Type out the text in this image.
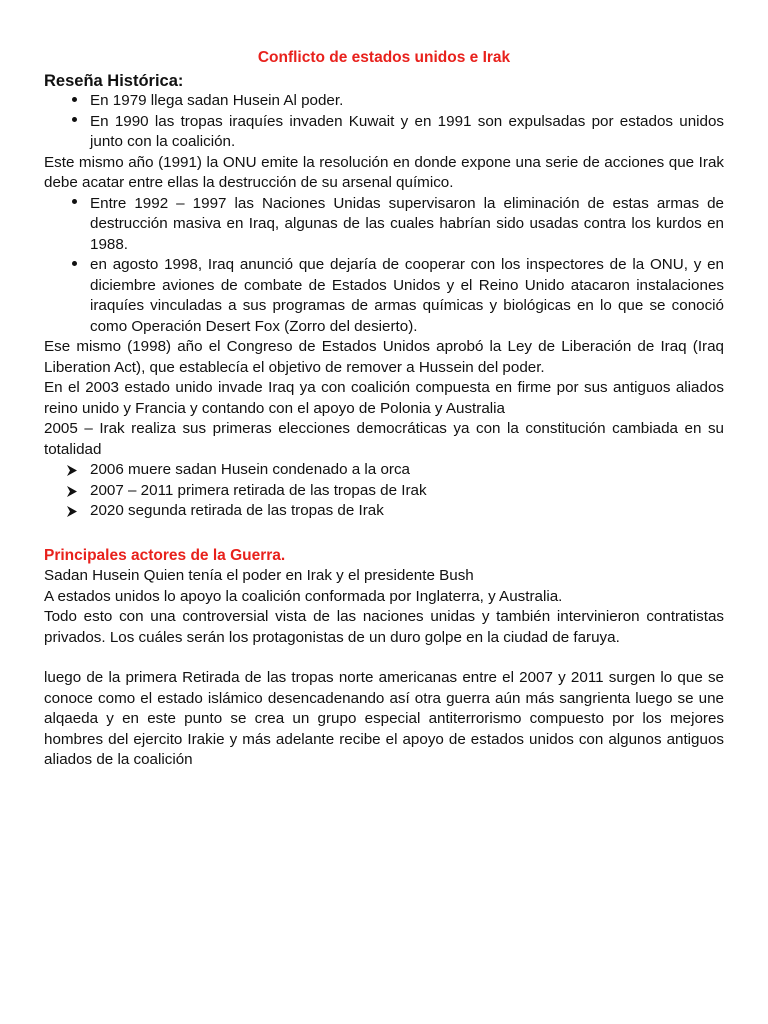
Conflicto de estados unidos e Irak
Reseña Histórica:
En 1979 llega sadan Husein Al poder.
En 1990 las tropas iraquíes invaden Kuwait y en 1991 son expulsadas por estados unidos junto con la coalición.

Este mismo año (1991) la ONU emite la resolución en donde expone una serie de acciones que Irak debe acatar entre ellas la destrucción de su arsenal químico.

Entre 1992 – 1997 las Naciones Unidas supervisaron la eliminación de estas armas de destrucción masiva en Iraq, algunas de las cuales habrían sido usadas contra los kurdos en 1988.
en agosto 1998, Iraq anunció que dejaría de cooperar con los inspectores de la ONU, y en diciembre aviones de combate de Estados Unidos y el Reino Unido atacaron instalaciones iraquíes vinculadas a sus programas de armas químicas y biológicas en lo que se conoció como Operación Desert Fox (Zorro del desierto).

Ese mismo (1998) año el Congreso de Estados Unidos aprobó la Ley de Liberación de Iraq (Iraq Liberation Act), que establecía el objetivo de remover a Hussein del poder.

En el 2003 estado unido invade Iraq ya con coalición compuesta en firme por sus antiguos aliados reino unido y Francia y contando con el apoyo de Polonia y Australia

2005 – Irak realiza sus primeras elecciones democráticas ya con la constitución cambiada en su totalidad

2006 muere sadan Husein condenado a la orca
2007 – 2011 primera retirada de las tropas de Irak
2020 segunda retirada de las tropas de Irak
Principales actores de la Guerra.

Sadan Husein Quien tenía el poder en Irak y el presidente Bush

A estados unidos lo apoyo la coalición conformada por Inglaterra, y Australia.

Todo esto con una controversial vista de las naciones unidas y también intervinieron contratistas privados. Los cuáles serán los protagonistas de un duro golpe en la ciudad de faruya.

luego de la primera Retirada de las tropas norte americanas entre el 2007 y 2011 surgen lo que se conoce como el estado islámico desencadenando así otra guerra aún más sangrienta luego se une alqaeda y en este punto se crea un grupo especial antiterrorismo compuesto por los mejores hombres del ejercito Irakie y más adelante recibe el apoyo de estados unidos con algunos antiguos aliados de la coalición
